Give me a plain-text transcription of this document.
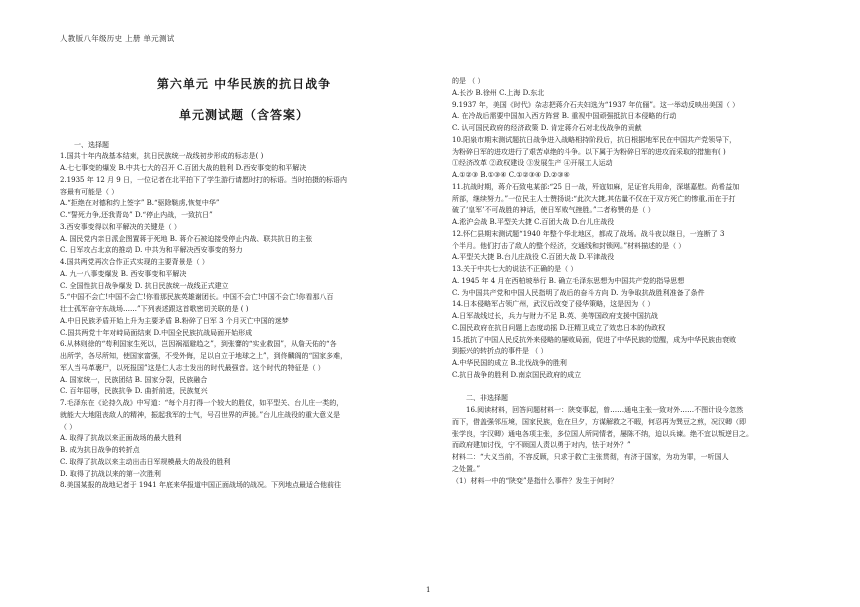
人教版八年级历史 上册 单元测试
第六单元 中华民族的抗日战争
单元测试题（含答案）
一、选择题
1.国共十年内战基本结束，抗日民族统一战线初步形成的标志是( )
A.七七事变的爆发 B.中共七大的召开 C.百团大战的胜利 D.西安事变的和平解决
2.1935 年 12 月 9 日，一位记者在北平拍下了学生游行请愿时打的标语。当时拍摄的标语内
容最有可能是（ ）
A.“拒绝在对德和约上签字” B.“驱除鞑虏,恢复中华”
C.“誓死力争,还我青岛” D.“停止内战，一致抗日”
3.西安事变得以和平解决的关键是（ ）
A. 国民党内亲日派企图置蒋于死地 B. 蒋介石被迫接受停止内战、联共抗日的主张
C. 日军攻占北京的推动 D. 中共为和平解决西安事变的努力
4.国共两党再次合作正式实现的主要背景是（ ）
A. 九一八事变爆发 B. 西安事变和平解决
C. 全国性抗日战争爆发 D. 抗日民族统一战线正式建立
5.“中国不会亡!中国不会亡!你看那民族英雄谢团长。中国不会亡!中国不会亡!你看那八百
壮士孤军奋守东战场……”下列表述跟这首歌密切关联的是 ( )
A.中日民族矛盾开始上升为主要矛盾 B.粉碎了日军 3 个月灭亡中国的迷梦
C.国共两党十年对峙局面结束 D.中国全民族抗战局面开始形成
6.从林则徐的“苟利国家生死以，岂因祸福避趋之”，到张謇的“实业救国”，从詹天佑的“各
出所学，各尽所知，使国家富强，不受外侮，足以自立于地球之上”，到佟麟阁的“国家多难，
军人当马革裹尸，以死报国”这是仁人志士发出的时代最强音。这个时代的特征是（ ）
A. 国家统一，民族团结 B. 国家分裂，民族融合
C. 百年屈辱，民族抗争 D. 曲折前进，民族复兴
7.毛泽东在《论持久战》中写道：“每个月打得一个较大的胜仗，如平型关、台儿庄一类的，
就能大大地阻丧敌人的精神，振起我军的士气，号召世界的声援。”台儿庄战役的重大意义是
（ ）
A. 取得了抗战以来正面战场的最大胜利
B. 成为抗日战争的转折点
C. 取得了抗战以来主动出击日军规模最大的战役的胜利
D. 取得了抗战以来的第一次胜利
8.美国某报的战地记者于 1941 年底来华报道中国正面战场的战况。下列地点最适合他前往
的是 （ ）
A.长沙 B.徐州 C.上海 D.东北
9.1937 年，美国《时代》杂志把蒋介石夫妇选为“1937 年伉俪”。这一举动反映出美国（ ）
A. 在冷战后需要中国加入西方阵营 B. 重视中国顽强抵抗日本侵略的行动
C. 认可国民政府的经济政策 D. 肯定蒋介石对北伐战争的贡献
10.阳泉市期末测试题抗日战争进入战略相持阶段后，抗日根据地军民在中国共产党领导下，
为粉碎日军的进攻进行了艰苦卓绝的斗争。以下属于为粉碎日军的进攻而采取的措施有( )
①经济改革 ②政权建设 ③发展生产 ④开展工人运动
A.①②③ B.①③④ C.①②③④ D.②③④
11.抗战时期，蒋介石致电某部:“25 日一战，歼寇如麻，足证官兵用命，深堪嘉慰。尚希益加
所部，继续努力。”一位民主人士赞扬说:“此次大捷,其估量不仅在于双方死亡的惨重,而在于打
破了‘皇军’不可战胜的神话，使日军败气挫胜。”二者称赞的是（ ）
A.淞沪会战 B.平型关大捷 C.百团大战 D.台儿庄战役
12.怀仁县期末测试题“1940 年整个华北地区，都成了战场。战斗夜以继日，一连断了 3
个半月。他们打击了敌人的整个经济，交通线和封锁网。”材料描述的是（ ）
A.平型关大捷 B.台儿庄战役 C.百团大战 D.平津战役
13.关于中共七大的说法不正确的是（ ）
A. 1945 年 4 月在西柏坡举行 B. 确立毛泽东思想为中国共产党的指导思想
C. 为中国共产党和中国人民指明了战后的奋斗方向 D. 为争取抗战胜利准备了条件
14.日本侵略军占领广州，武汉后改变了侵华策略，这是因为（ ）
A.日军战线过长，兵力与财力不足 B.英、美等国政府支援中国抗战
C.国民政府在抗日问题上态度动摇 D.汪精卫成立了效忠日本的伪政权
15.抵抗了中国人民反抗外来侵略的屡败局面，促进了中华民族的觉醒，成为中华民族由衰败
到振兴的转折点的事件是 （ ）
A.中华民国的成立 B.北伐战争的胜利
C.抗日战争的胜利 D.南京国民政府的成立

二、非选择题
16.阅读材料，回答问题材料一：陕变事起，曾……通电主张一致对外……不图计设今忽然
而下，借盖强邻压境，国家民族，危在旦夕，方谋解救之不暇，何忍再为巽豆之煎，况汉卿（即
张学良，字汉卿）通电各项主张，多位国人所同情者，屡陈不纳，迫以兵谏。绝不宜以叛逆目之。
而政府建加讨伐，宁不顾国人责以勇于对内，怯于对外？”
材料二：“大义当前，不容反顾，只求于救亡主张贯彻，有济于国家，为功为罪，一听国人
之处置。”
（1）材料一中的“陕变”是指什么事件？发生于何时？
1
